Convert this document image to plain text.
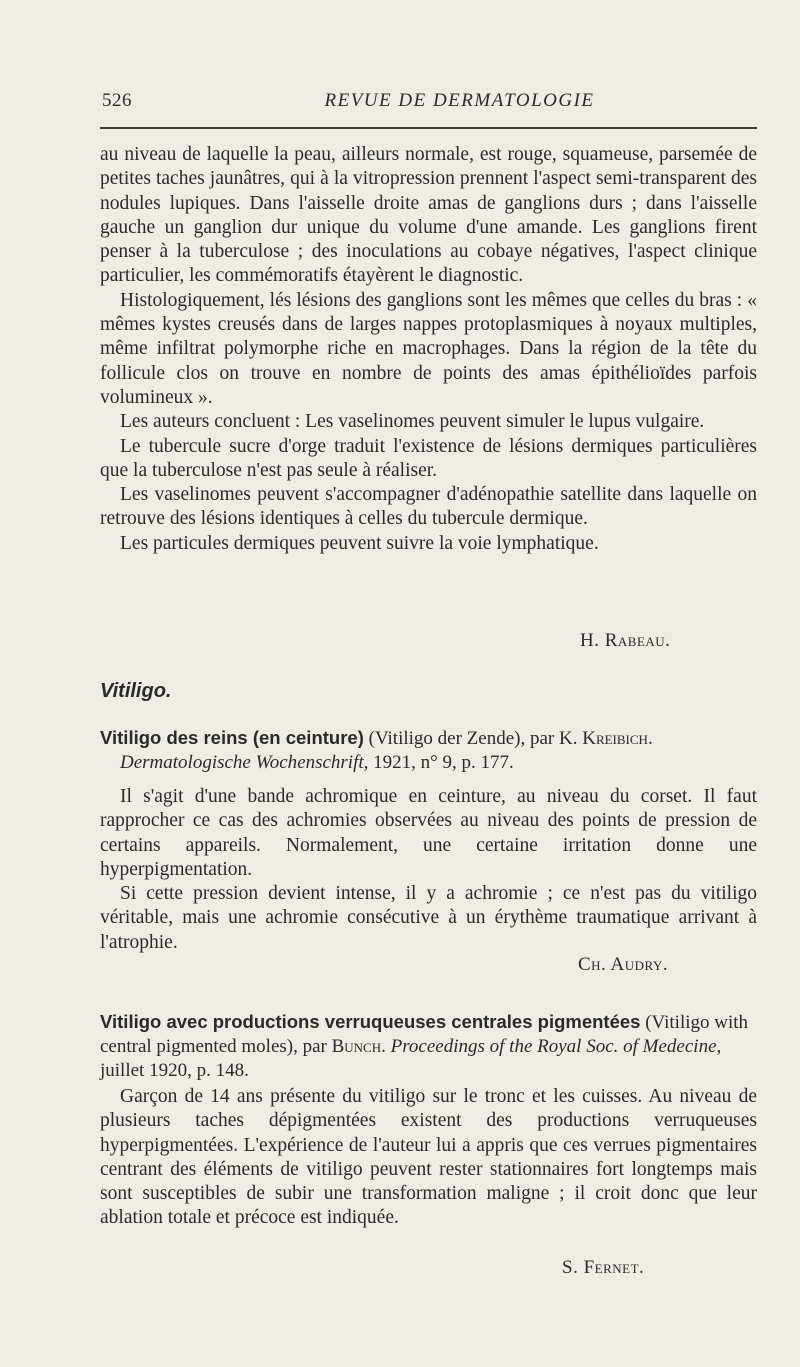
526	REVUE DE DERMATOLOGIE

au niveau de laquelle la peau, ailleurs normale, est rouge, squameuse, parsemée de petites taches jaunâtres, qui à la vitropression prennent l'aspect semi-transparent des nodules lupiques. Dans l'aisselle droite amas de ganglions durs ; dans l'aisselle gauche un ganglion dur unique du volume d'une amande. Les ganglions firent penser à la tuberculose ; des inoculations au cobaye négatives, l'aspect clinique particulier, les commémoratifs étayèrent le diagnostic.

Histologiquement, lés lésions des ganglions sont les mêmes que celles du bras : « mêmes kystes creusés dans de larges nappes protoplasmiques à noyaux multiples, même infiltrat polymorphe riche en macrophages. Dans la région de la tête du follicule clos on trouve en nombre de points des amas épithélioïdes parfois volumineux ».

Les auteurs concluent : Les vaselinomes peuvent simuler le lupus vulgaire.

Le tubercule sucre d'orge traduit l'existence de lésions dermiques particulières que la tuberculose n'est pas seule à réaliser.

Les vaselinomes peuvent s'accompagner d'adénopathie satellite dans laquelle on retrouve des lésions identiques à celles du tubercule dermique.

Les particules dermiques peuvent suivre la voie lymphatique.

H. Rabeau.
Vitiligo.
Vitiligo des reins (en ceinture) (Vitiligo der Zende), par K. Kreibich.
Dermatologische Wochenschrift, 1921, n° 9, p. 177.

Il s'agit d'une bande achromique en ceinture, au niveau du corset. Il faut rapprocher ce cas des achromies observées au niveau des points de pression de certains appareils. Normalement, une certaine irritation donne une hyperpigmentation.

Si cette pression devient intense, il y a achromie ; ce n'est pas du vitiligo véritable, mais une achromie consécutive à un érythème traumatique arrivant à l'atrophie.

Ch. Audry.
Vitiligo avec productions verruqueuses centrales pigmentées (Vitiligo with central pigmented moles), par Bunch. Proceedings of the Royal Soc. of Medecine, juillet 1920, p. 148.

Garçon de 14 ans présente du vitiligo sur le tronc et les cuisses. Au niveau de plusieurs taches dépigmentées existent des productions verruqueuses hyperpigmentées. L'expérience de l'auteur lui a appris que ces verrues pigmentaires centrant des éléments de vitiligo peuvent rester stationnaires fort longtemps mais sont susceptibles de subir une transformation maligne ; il croit donc que leur ablation totale et précoce est indiquée.

S. Fernet.
